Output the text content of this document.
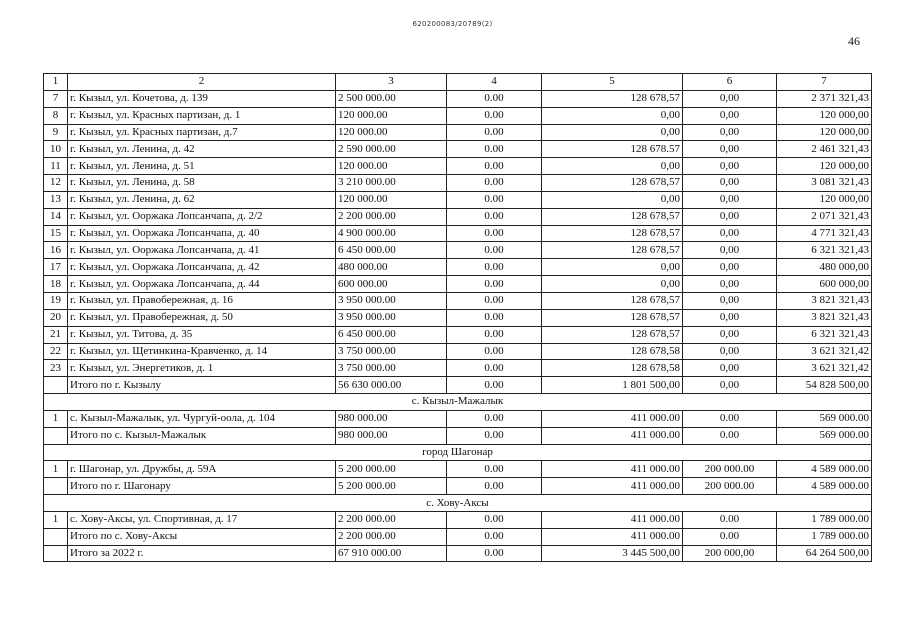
620200083/20789(2)
46
1	2	3	4	5	6	7
7	г. Кызыл, ул. Кочетова, д. 139	2 500 000.00	0.00	128 678,57	0,00	2 371 321,43
8	г. Кызыл, ул. Красных партизан, д. 1	120 000.00	0.00	0,00	0,00	120 000,00
9	г. Кызыл, ул. Красных партизан, д.7	120 000.00	0.00	0,00	0,00	120 000,00
10	г. Кызыл, ул. Ленина, д. 42	2 590 000.00	0.00	128 678.57	0,00	2 461 321,43
11	г. Кызыл, ул. Ленина, д. 51	120 000.00	0.00	0,00	0,00	120 000,00
12	г. Кызыл, ул. Ленина, д. 58	3 210 000.00	0.00	128 678,57	0,00	3 081 321,43
13	г. Кызыл, ул. Ленина, д. 62	120 000.00	0.00	0,00	0,00	120 000,00
14	г. Кызыл, ул. Ооржака Лопсанчапа, д. 2/2	2 200 000.00	0.00	128 678,57	0,00	2 071 321,43
15	г. Кызыл, ул. Ооржака Лопсанчапа, д. 40	4 900 000.00	0.00	128 678,57	0,00	4 771 321,43
16	г. Кызыл, ул. Ооржака Лопсанчапа, д. 41	6 450 000.00	0.00	128 678,57	0,00	6 321 321,43
17	г. Кызыл, ул. Ооржака Лопсанчапа, д. 42	480 000.00	0.00	0,00	0,00	480 000,00
18	г. Кызыл, ул. Ооржака Лопсанчапа, д. 44	600 000.00	0.00	0,00	0,00	600 000,00
19	г. Кызыл, ул. Правобережная, д. 16	3 950 000.00	0.00	128 678,57	0,00	3 821 321,43
20	г. Кызыл, ул. Правобережная, д. 50	3 950 000.00	0.00	128 678,57	0,00	3 821 321,43
21	г. Кызыл, ул. Титова, д. 35	6 450 000.00	0.00	128 678,57	0,00	6 321 321,43
22	г. Кызыл, ул. Щетинкина-Кравченко, д. 14	3 750 000.00	0.00	128 678,58	0,00	3 621 321,42
23	г. Кызыл, ул. Энергетиков, д. 1	3 750 000.00	0.00	128 678,58	0,00	3 621 321,42
	Итого по г. Кызылу	56 630 000.00	0.00	1 801 500,00	0,00	54 828 500,00
с. Кызыл-Мажалык						
1	с. Кызыл-Мажалык, ул. Чургуй-оола, д. 104	980 000.00	0.00	411 000.00	0.00	569 000.00
	Итого по с. Кызыл-Мажалык	980 000.00	0.00	411 000.00	0.00	569 000.00
город Шагонар						
1	г. Шагонар, ул. Дружбы, д. 59А	5 200 000.00	0.00	411 000.00	200 000.00	4 589 000.00
	Итого по г. Шагонару	5 200 000.00	0.00	411 000.00	200 000.00	4 589 000.00
с. Хову-Аксы						
1	с. Хову-Аксы, ул. Спортивная, д. 17	2 200 000.00	0.00	411 000.00	0.00	1 789 000.00
	Итого по с. Хову-Аксы	2 200 000.00	0.00	411 000.00	0.00	1 789 000.00
	Итого за 2022 г.	67 910 000.00	0.00	3 445 500,00	200 000,00	64 264 500,00
